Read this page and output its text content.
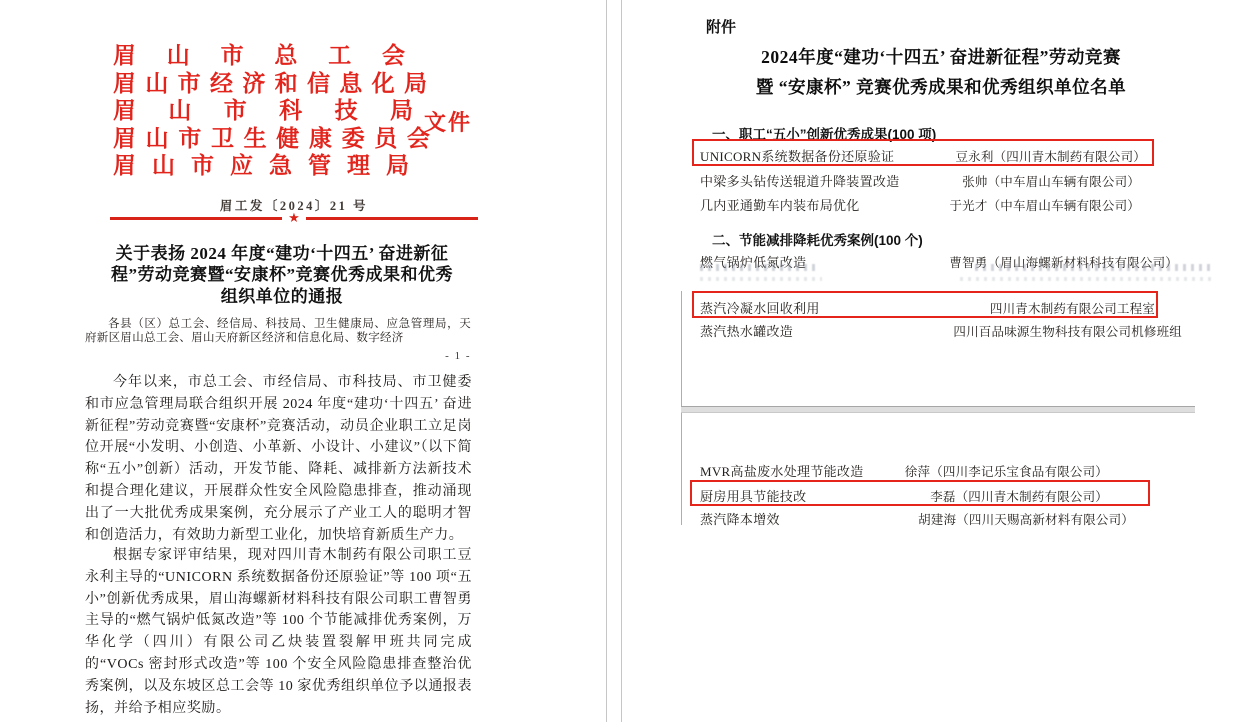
眉 山 市 总 工 会
眉 山 市 经 济 和 信 息 化 局
眉 山 市 科 技 局
眉 山 市 卫 生 健 康 委 员 会
眉 山 市 应 急 管 理 局
文件
眉工发〔2024〕21 号
★
关于表扬 2024 年度“建功‘十四五’ 奋进新征
程”劳动竞赛暨“安康杯”竞赛优秀成果和优秀
组织单位的通报

各县（区）总工会、经信局、科技局、卫生健康局、应急管理局，天府新区眉山总工会、眉山天府新区经济和信息化局、数字经济

- 1 -

今年以来，市总工会、市经信局、市科技局、市卫健委和市应急管理局联合组织开展 2024 年度“建功‘十四五’ 奋进新征程”劳动竞赛暨“安康杯”竞赛活动，动员企业职工立足岗位开展“小发明、小创造、小革新、小设计、小建议”（以下简称“五小”创新）活动，开发节能、降耗、减排新方法新技术和提合理化建议，开展群众性安全风险隐患排查，推动涌现出了一大批优秀成果案例，充分展示了产业工人的聪明才智和创造活力，有效助力新型工业化，加快培育新质生产力。

根据专家评审结果，现对四川青木制药有限公司职工豆永利主导的“UNICORN 系统数据备份还原验证”等 100 项“五小”创新优秀成果，眉山海螺新材料科技有限公司职工曹智勇主导的“燃气锅炉低氮改造”等 100 个节能减排优秀案例，万华化学（四川）有限公司乙炔装置裂解甲班共同完成的“VOCs 密封形式改造”等 100 个安全风险隐患排查整治优秀案例，以及东坡区总工会等 10 家优秀组织单位予以通报表扬，并给予相应奖励。

附件
2024年度“建功‘十四五’ 奋进新征程”劳动竞赛
暨 “安康杯” 竞赛优秀成果和优秀组织单位名单
一、职工“五小”创新优秀成果(100 项)
UNICORN系统数据备份还原验证	豆永利（四川青木制药有限公司）
中梁多头钻传送辊道升降装置改造	张帅（中车眉山车辆有限公司）
几内亚通勤车内装布局优化	于光才（中车眉山车辆有限公司）
二、节能减排降耗优秀案例(100 个)
燃气锅炉低氮改造	曹智勇（眉山海螺新材料科技有限公司）
蒸汽冷凝水回收利用	四川青木制药有限公司工程室
蒸汽热水罐改造	四川百品味源生物科技有限公司机修班组
MVR高盐废水处理节能改造	徐萍（四川李记乐宝食品有限公司）
厨房用具节能技改	李磊（四川青木制药有限公司）
蒸汽降本增效	胡建海（四川天赐高新材料有限公司）
